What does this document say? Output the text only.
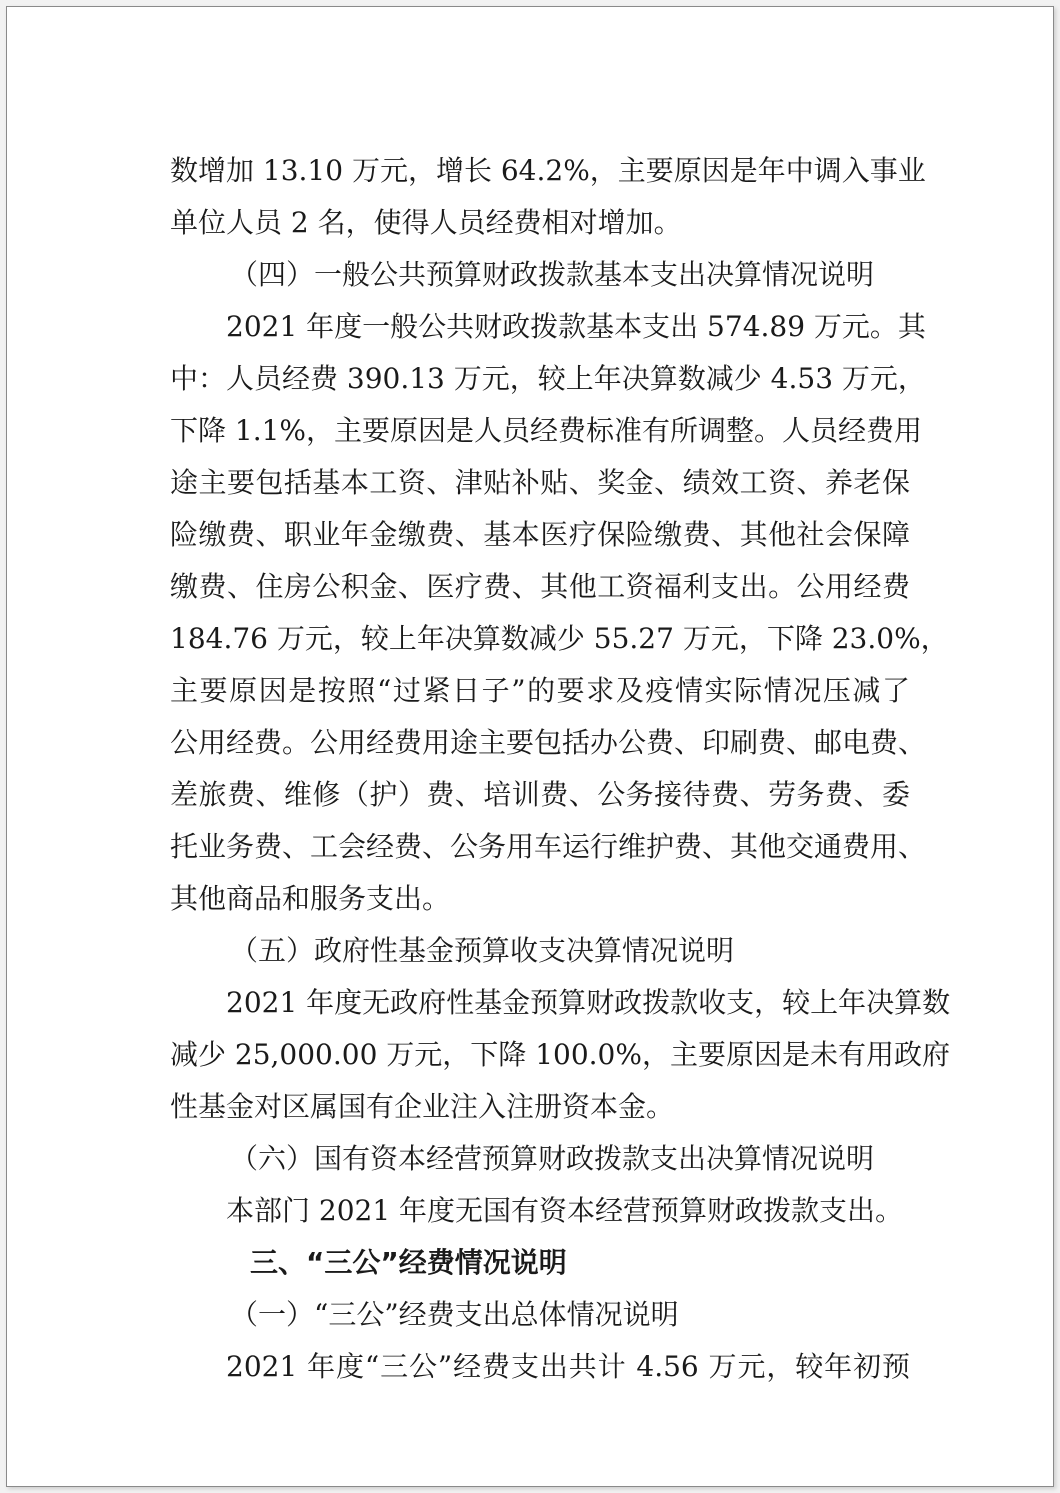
数增加 13.10 万元，增长 64.2%，主要原因是年中调入事业
单位人员 2 名，使得人员经费相对增加。
（四）一般公共预算财政拨款基本支出决算情况说明
2021 年度一般公共财政拨款基本支出 574.89 万元。其
中：人员经费 390.13 万元，较上年决算数减少 4.53 万元，
下降 1.1%，主要原因是人员经费标准有所调整。人员经费用
途主要包括基本工资、津贴补贴、奖金、绩效工资、养老保
险缴费、职业年金缴费、基本医疗保险缴费、其他社会保障
缴费、住房公积金、医疗费、其他工资福利支出。公用经费
184.76 万元，较上年决算数减少 55.27 万元，下降 23.0%，
主要原因是按照“过紧日子”的要求及疫情实际情况压减了
公用经费。公用经费用途主要包括办公费、印刷费、邮电费、
差旅费、维修（护）费、培训费、公务接待费、劳务费、委
托业务费、工会经费、公务用车运行维护费、其他交通费用、
其他商品和服务支出。
（五）政府性基金预算收支决算情况说明
2021 年度无政府性基金预算财政拨款收支，较上年决算数
减少 25,000.00 万元，下降 100.0%，主要原因是未有用政府
性基金对区属国有企业注入注册资本金。
（六）国有资本经营预算财政拨款支出决算情况说明
本部门 2021 年度无国有资本经营预算财政拨款支出。
三、“三公”经费情况说明
（一）“三公”经费支出总体情况说明
2021 年度“三公”经费支出共计 4.56 万元，较年初预
